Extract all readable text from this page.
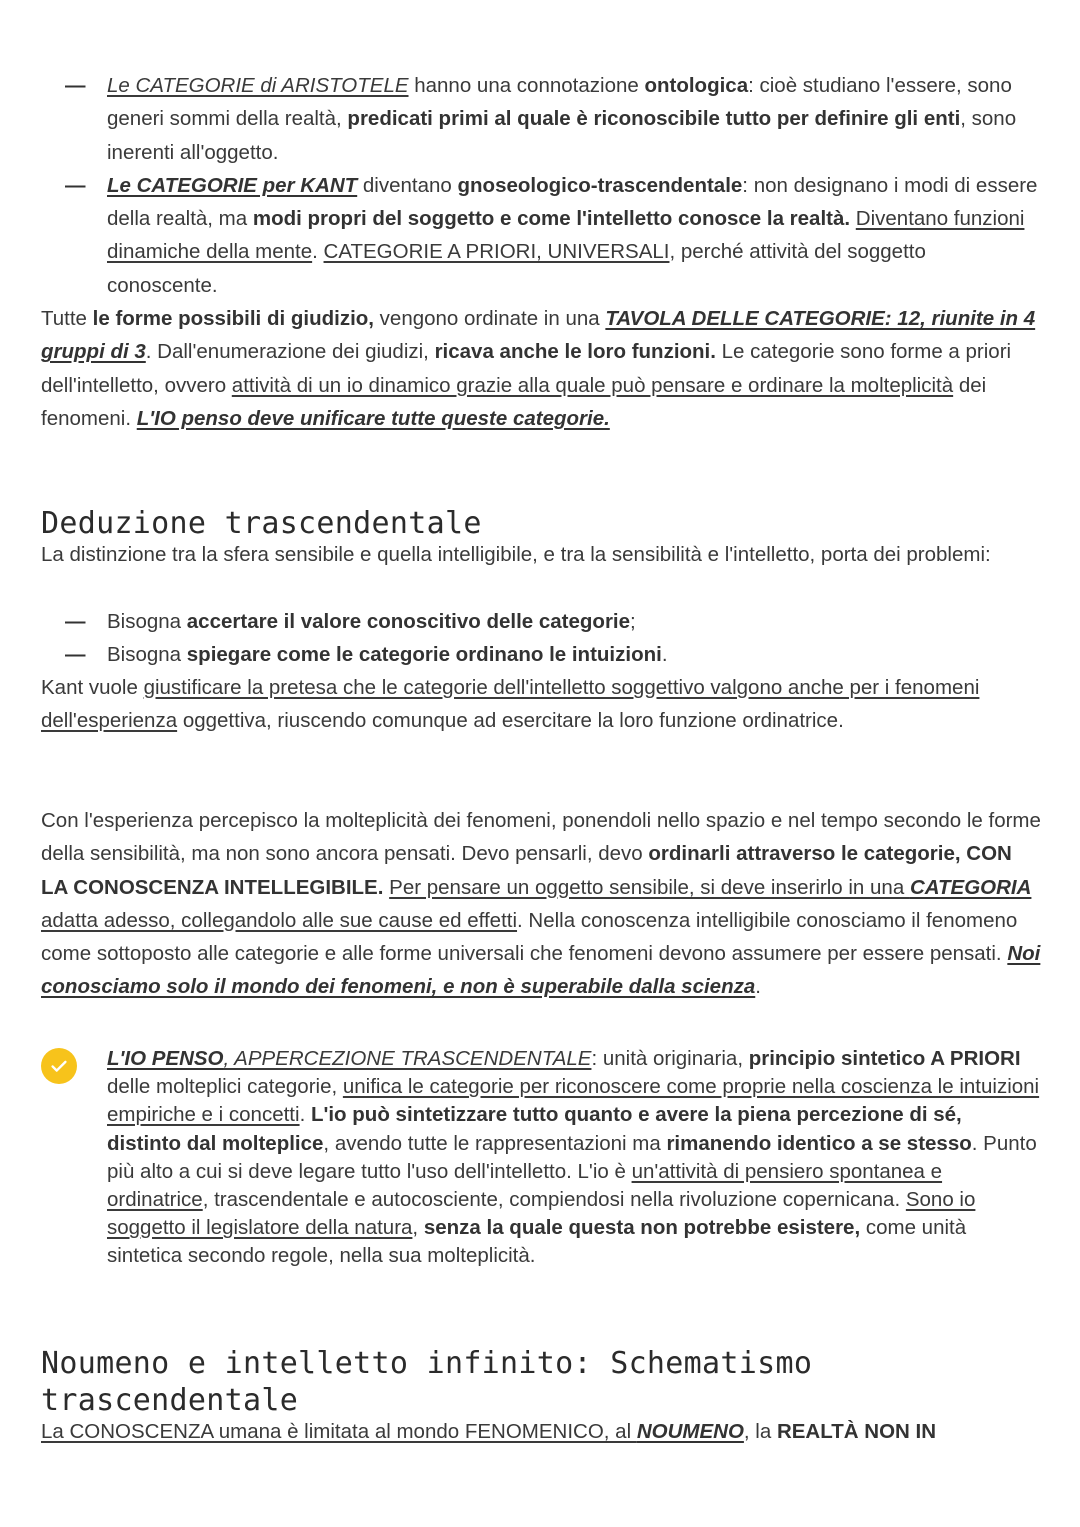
— Le CATEGORIE di ARISTOTELE hanno una connotazione ontologica: cioè studiano l'essere, sono generi sommi della realtà, predicati primi al quale è riconoscibile tutto per definire gli enti, sono inerenti all'oggetto.
— Le CATEGORIE per KANT diventano gnoseologico-trascendentale: non designano i modi di essere della realtà, ma modi propri del soggetto e come l'intelletto conosce la realtà. Diventano funzioni dinamiche della mente. CATEGORIE A PRIORI, UNIVERSALI, perché attività del soggetto conoscente.

Tutte le forme possibili di giudizio, vengono ordinate in una TAVOLA DELLE CATEGORIE: 12, riunite in 4 gruppi di 3. Dall'enumerazione dei giudizi, ricava anche le loro funzioni. Le categorie sono forme a priori dell'intelletto, ovvero attività di un io dinamico grazie alla quale può pensare e ordinare la molteplicità dei fenomeni. L'IO penso deve unificare tutte queste categorie.

Deduzione trascendentale

La distinzione tra la sfera sensibile e quella intelligibile, e tra la sensibilità e l'intelletto, porta dei problemi:

— Bisogna accertare il valore conoscitivo delle categorie;
— Bisogna spiegare come le categorie ordinano le intuizioni.

Kant vuole giustificare la pretesa che le categorie dell'intelletto soggettivo valgono anche per i fenomeni dell'esperienza oggettiva, riuscendo comunque ad esercitare la loro funzione ordinatrice.

Con l'esperienza percepisco la molteplicità dei fenomeni, ponendoli nello spazio e nel tempo secondo le forme della sensibilità, ma non sono ancora pensati. Devo pensarli, devo ordinarli attraverso le categorie, CON LA CONOSCENZA INTELLEGIBILE. Per pensare un oggetto sensibile, si deve inserirlo in una CATEGORIA adatta adesso, collegandolo alle sue cause ed effetti. Nella conoscenza intelligibile conosciamo il fenomeno come sottoposto alle categorie e alle forme universali che fenomeni devono assumere per essere pensati. Noi conosciamo solo il mondo dei fenomeni, e non è superabile dalla scienza.

L'IO PENSO, APPERCEZIONE TRASCENDENTALE: unità originaria, principio sintetico A PRIORI delle molteplici categorie, unifica le categorie per riconoscere come proprie nella coscienza le intuizioni empiriche e i concetti. L'io può sintetizzare tutto quanto e avere la piena percezione di sé, distinto dal molteplice, avendo tutte le rappresentazioni ma rimanendo identico a se stesso. Punto più alto a cui si deve legare tutto l'uso dell'intelletto. L'io è un'attività di pensiero spontanea e ordinatrice, trascendentale e autocosciente, compiendosi nella rivoluzione copernicana. Sono io soggetto il legislatore della natura, senza la quale questa non potrebbe esistere, come unità sintetica secondo regole, nella sua molteplicità.
Noumeno e intelletto infinito: Schematismo trascendentale

La CONOSCENZA umana è limitata al mondo FENOMENICO, al NOUMENO, la REALTÀ NON IN
